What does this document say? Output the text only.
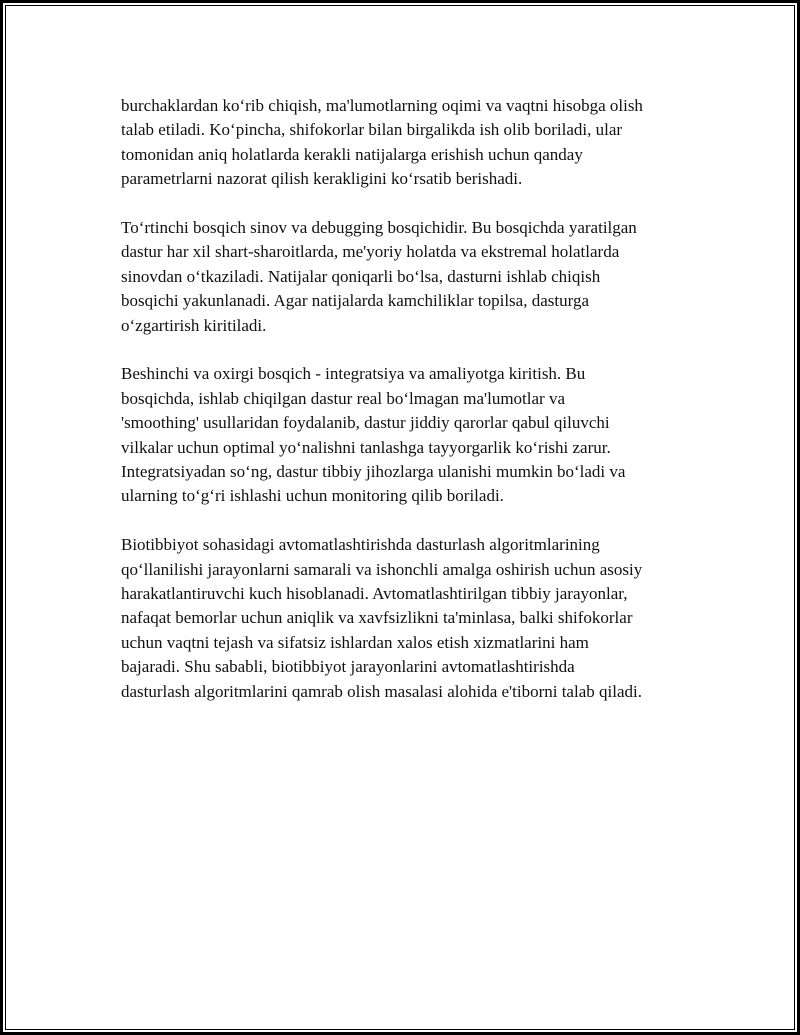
burchaklardan koʻrib chiqish, ma'lumotlarning oqimi va vaqtni hisobga olish
talab etiladi. Koʻpincha, shifokorlar bilan birgalikda ish olib boriladi, ular
tomonidan aniq holatlarda kerakli natijalarga erishish uchun qanday
parametrlarni nazorat qilish kerakligini koʻrsatib berishadi.

Toʻrtinchi bosqich sinov va debugging bosqichidir. Bu bosqichda yaratilgan
dastur har xil shart-sharoitlarda, me'yoriy holatda va ekstremal holatlarda
sinovdan oʻtkaziladi. Natijalar qoniqarli boʻlsa, dasturni ishlab chiqish
bosqichi yakunlanadi. Agar natijalarda kamchiliklar topilsa, dasturga
oʻzgartirish kiritiladi.

Beshinchi va oxirgi bosqich - integratsiya va amaliyotga kiritish. Bu
bosqichda, ishlab chiqilgan dastur real boʻlmagan ma'lumotlar va
'smoothing' usullaridan foydalanib, dastur jiddiy qarorlar qabul qiluvchi
vilkalar uchun optimal yoʻnalishni tanlashga tayyorgarlik koʻrishi zarur.
Integratsiyadan soʻng, dastur tibbiy jihozlarga ulanishi mumkin boʻladi va
ularning toʻgʻri ishlashi uchun monitoring qilib boriladi.

Biotibbiyot sohasidagi avtomatlashtirishda dasturlash algoritmlarining
qoʻllanilishi jarayonlarni samarali va ishonchli amalga oshirish uchun asosiy
harakatlantiruvchi kuch hisoblanadi. Avtomatlashtirilgan tibbiy jarayonlar,
nafaqat bemorlar uchun aniqlik va xavfsizlikni ta'minlasa, balki shifokorlar
uchun vaqtni tejash va sifatsiz ishlardan xalos etish xizmatlarini ham
bajaradi. Shu sababli, biotibbiyot jarayonlarini avtomatlashtirishda
dasturlash algoritmlarini qamrab olish masalasi alohida e'tiborni talab qiladi.
